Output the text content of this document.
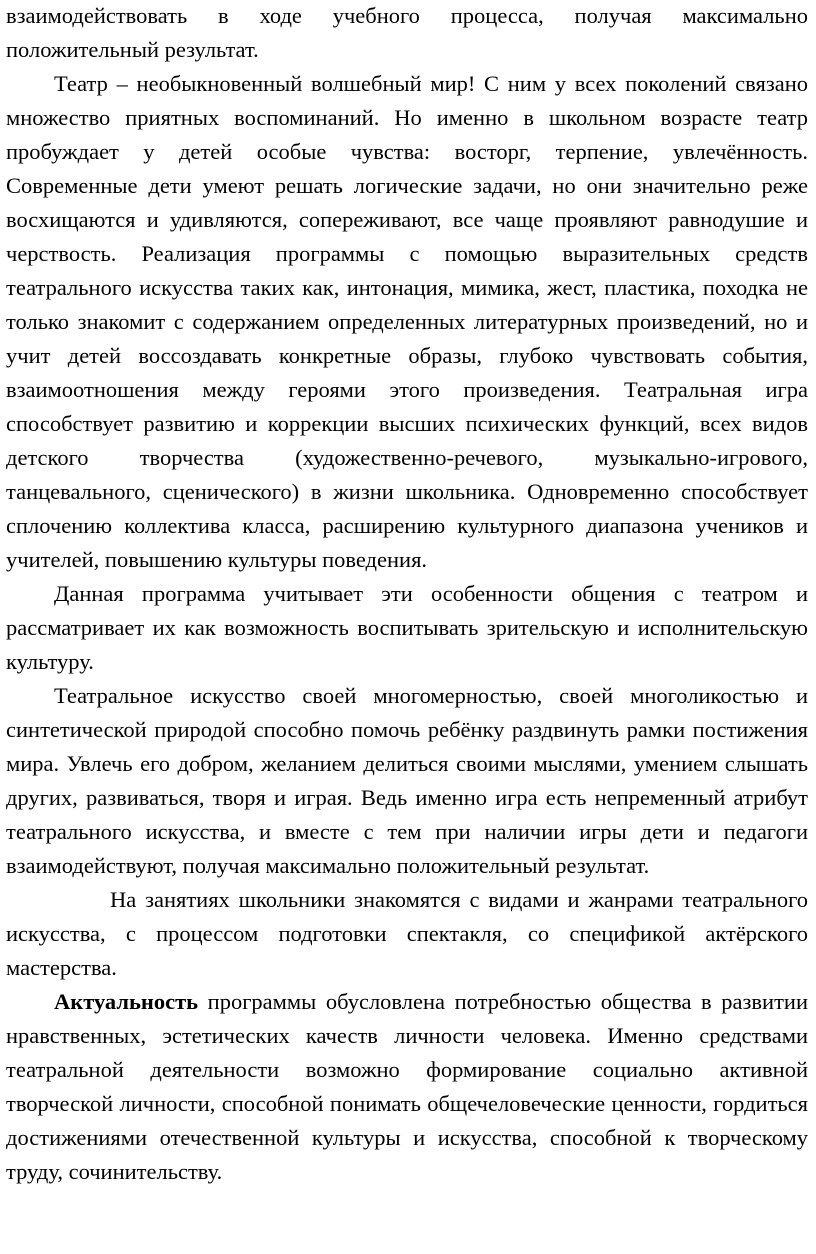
взаимодействовать в ходе учебного процесса, получая максимально положительный результат.

Театр – необыкновенный волшебный мир! С ним у всех поколений связано множество приятных воспоминаний. Но именно в школьном возрасте театр пробуждает у детей особые чувства: восторг, терпение, увлечённость. Современные дети умеют решать логические задачи, но они значительно реже восхищаются и удивляются, сопереживают, все чаще проявляют равнодушие и черствость. Реализация программы с помощью выразительных средств театрального искусства таких как, интонация, мимика, жест, пластика, походка не только знакомит с содержанием определенных литературных произведений, но и учит детей воссоздавать конкретные образы, глубоко чувствовать события, взаимоотношения между героями этого произведения. Театральная игра способствует развитию и коррекции высших психических функций, всех видов детского творчества (художественно-речевого, музыкально-игрового, танцевального, сценического) в жизни школьника. Одновременно способствует сплочению коллектива класса, расширению культурного диапазона учеников и учителей, повышению культуры поведения.

Данная программа учитывает эти особенности общения с театром и рассматривает их как возможность воспитывать зрительскую и исполнительскую культуру.

Театральное искусство своей многомерностью, своей многоликостью и синтетической природой способно помочь ребёнку раздвинуть рамки постижения мира. Увлечь его добром, желанием делиться своими мыслями, умением слышать других, развиваться, творя и играя. Ведь именно игра есть непременный атрибут театрального искусства, и вместе с тем при наличии игры дети и педагоги взаимодействуют, получая максимально положительный результат.

На занятиях школьники знакомятся с видами и жанрами театрального искусства, с процессом подготовки спектакля, со спецификой актёрского мастерства.

Актуальность программы обусловлена потребностью общества в развитии нравственных, эстетических качеств личности человека. Именно средствами театральной деятельности возможно формирование социально активной творческой личности, способной понимать общечеловеческие ценности, гордиться достижениями отечественной культуры и искусства, способной к творческому труду, сочинительству.
